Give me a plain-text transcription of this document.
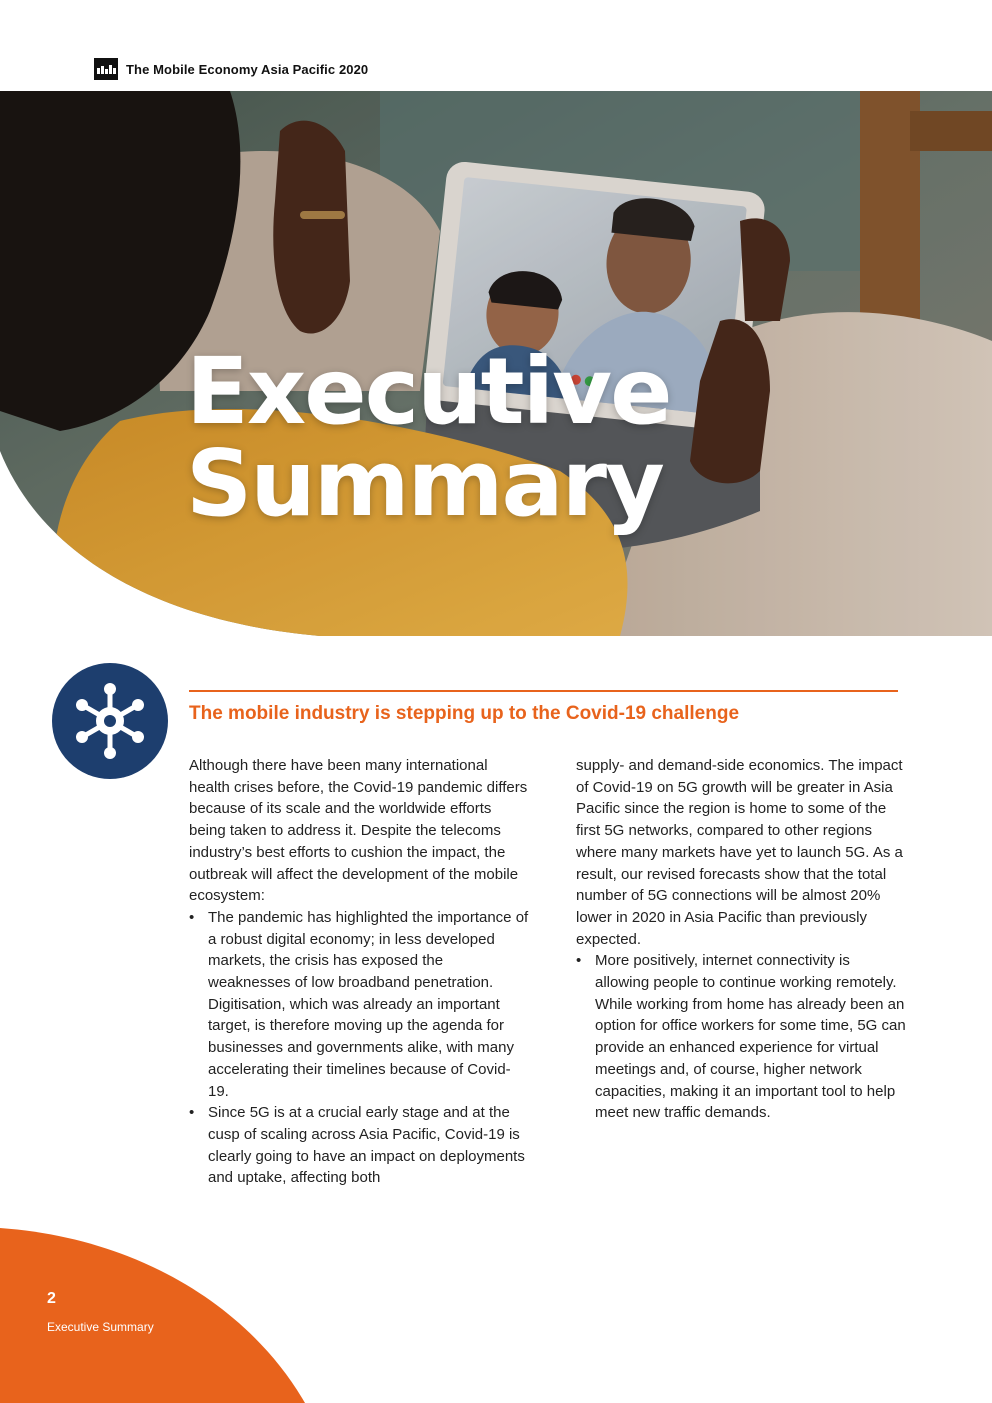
The Mobile Economy Asia Pacific 2020
Executive
Summary
The mobile industry is stepping up to the Covid-19 challenge

Although there have been many international health crises before, the Covid-19 pandemic differs because of its scale and the worldwide efforts being taken to address it. Despite the telecoms industry’s best efforts to cushion the impact, the outbreak will affect the development of the mobile ecosystem:

• The pandemic has highlighted the importance of a robust digital economy; in less developed markets, the crisis has exposed the weaknesses of low broadband penetration. Digitisation, which was already an important target, is therefore moving up the agenda for businesses and governments alike, with many accelerating their timelines because of Covid-19.

• Since 5G is at a crucial early stage and at the cusp of scaling across Asia Pacific, Covid-19 is clearly going to have an impact on deployments and uptake, affecting both

supply- and demand-side economics. The impact of Covid-19 on 5G growth will be greater in Asia Pacific since the region is home to some of the first 5G networks, compared to other regions where many markets have yet to launch 5G. As a result, our revised forecasts show that the total number of 5G connections will be almost 20% lower in 2020 in Asia Pacific than previously expected.

• More positively, internet connectivity is allowing people to continue working remotely. While working from home has already been an option for office workers for some time, 5G can provide an enhanced experience for virtual meetings and, of course, higher network capacities, making it an important tool to help meet new traffic demands.

2
Executive Summary
